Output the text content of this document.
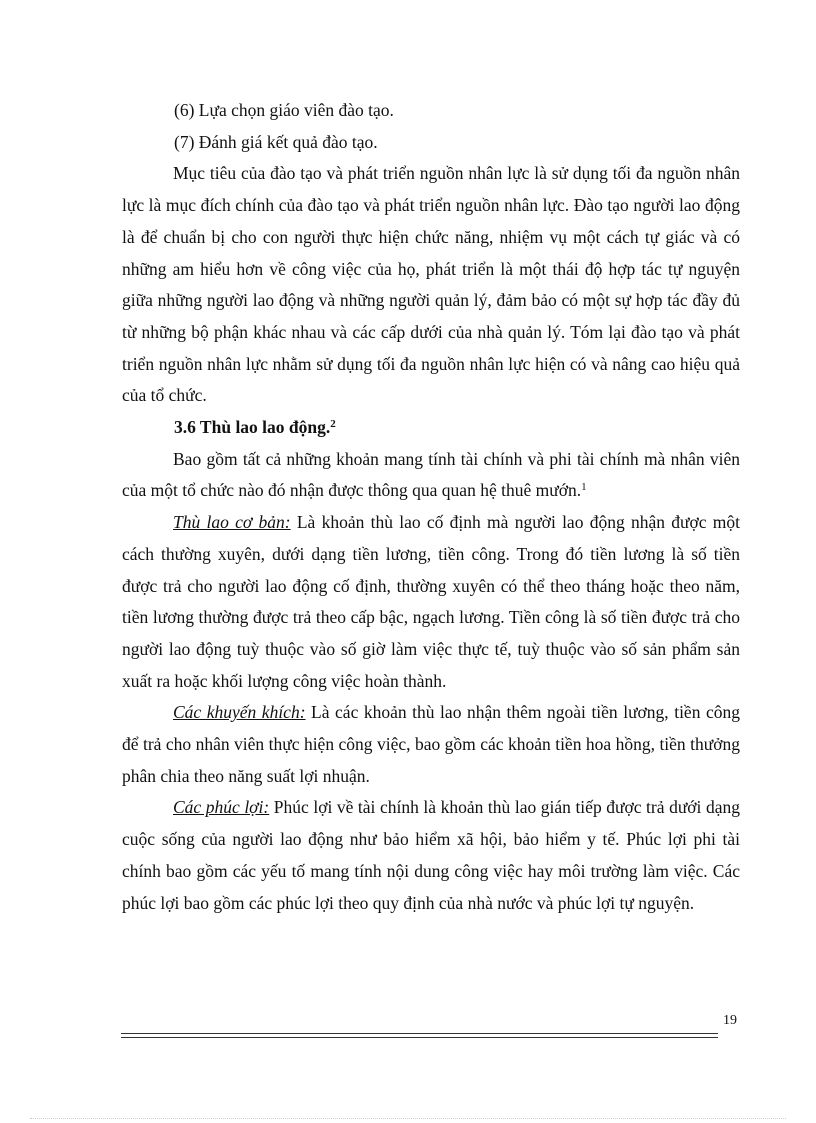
(6) Lựa chọn giáo viên đào tạo.

(7) Đánh giá kết quả đào tạo.

Mục tiêu của đào tạo và phát triển nguồn nhân lực là sử dụng tối đa nguồn nhân lực là mục đích chính của đào tạo và phát triển nguồn nhân lực. Đào tạo người lao động là để chuẩn bị cho con người thực hiện chức năng, nhiệm vụ một cách tự giác và có những am hiểu hơn về công việc của họ, phát triển là một thái độ hợp tác tự nguyện giữa những người lao động và những người quản lý, đảm bảo có một sự hợp tác đầy đủ từ những bộ phận khác nhau và các cấp dưới của nhà quản lý. Tóm lại đào tạo và phát triển nguồn nhân lực nhằm sử dụng tối đa nguồn nhân lực hiện có và nâng cao hiệu quả của tổ chức.

3.6 Thù lao lao động.$^2$

Bao gồm tất cả những khoản mang tính tài chính và phi tài chính mà nhân viên của một tổ chức nào đó nhận được thông qua quan hệ thuê mướn.$^1$

Thù lao cơ bản: Là khoản thù lao cố định mà người lao động nhận được một cách thường xuyên, dưới dạng tiền lương, tiền công. Trong đó tiền lương là số tiền được trả cho người lao động cố định, thường xuyên có thể theo tháng hoặc theo năm, tiền lương thường được trả theo cấp bậc, ngạch lương. Tiền công là số tiền được trả cho người lao động tuỳ thuộc vào số giờ làm việc thực tế, tuỳ thuộc vào số sản phẩm sản xuất ra hoặc khối lượng công việc hoàn thành.

Các khuyến khích: Là các khoản thù lao nhận thêm ngoài tiền lương, tiền công để trả cho nhân viên thực hiện công việc, bao gồm các khoản tiền hoa hồng, tiền thưởng phân chia theo năng suất lợi nhuận.

Các phúc lợi: Phúc lợi về tài chính là khoản thù lao gián tiếp được trả dưới dạng cuộc sống của người lao động như bảo hiểm xã hội, bảo hiểm y tế. Phúc lợi phi tài chính bao gồm các yếu tố mang tính nội dung công việc hay môi trường làm việc. Các phúc lợi bao gồm các phúc lợi theo quy định của nhà nước và phúc lợi tự nguyện.

19
